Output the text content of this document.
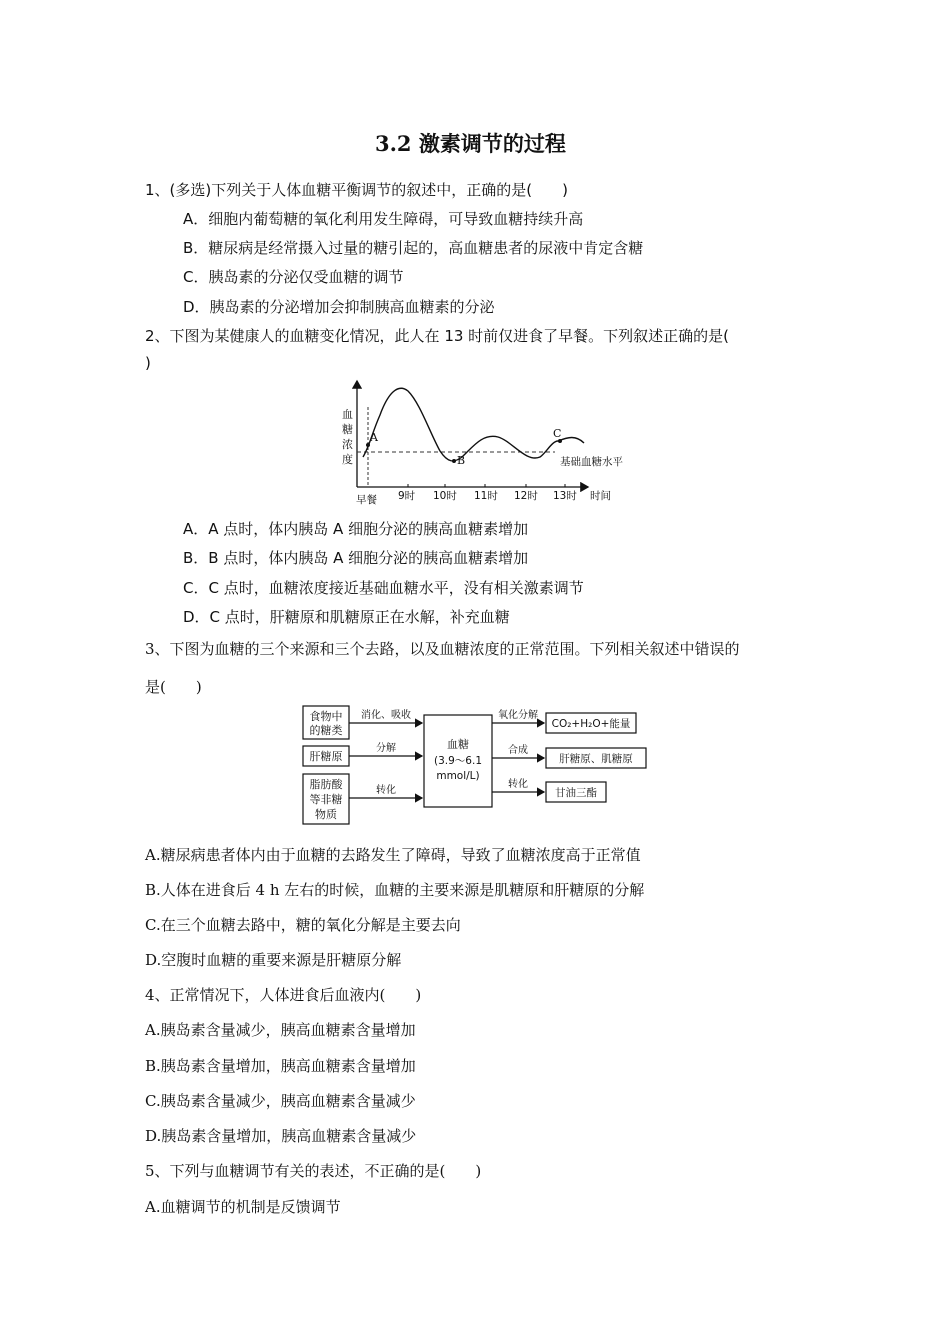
3.2 激素调节的过程
1、(多选)下列关于人体血糖平衡调节的叙述中，正确的是(　　)
A．细胞内葡萄糖的氧化利用发生障碍，可导致血糖持续升高
B．糖尿病是经常摄入过量的糖引起的，高血糖患者的尿液中肯定含糖
C．胰岛素的分泌仅受血糖的调节
D．胰岛素的分泌增加会抑制胰高血糖素的分泌
2、下图为某健康人的血糖变化情况，此人在 13 时前仅进食了早餐。下列叙述正确的是(
)
A
B
C
基础血糖水平
血
糖
浓
度
早餐 9时 10时 11时 12时 13时 时间
A．A 点时，体内胰岛 A 细胞分泌的胰高血糖素增加
B．B 点时，体内胰岛 A 细胞分泌的胰高血糖素增加
C．C 点时，血糖浓度接近基础血糖水平，没有相关激素调节
D．C 点时，肝糖原和肌糖原正在水解，补充血糖
3、下图为血糖的三个来源和三个去路，以及血糖浓度的正常范围。下列相关叙述中错误的
是(　　)
食物中
的糖类
肝糖原
脂肪酸
等非糖
物质
消化、吸收
分解
转化
血糖
(3.9～6.1
mmol/L)
氧化分解
合成
转化
CO₂+H₂O+能量
肝糖原、肌糖原
甘油三酯
A.糖尿病患者体内由于血糖的去路发生了障碍，导致了血糖浓度高于正常值
B.人体在进食后 4 h 左右的时候，血糖的主要来源是肌糖原和肝糖原的分解
C.在三个血糖去路中，糖的氧化分解是主要去向
D.空腹时血糖的重要来源是肝糖原分解
4、正常情况下，人体进食后血液内(　　)
A.胰岛素含量减少，胰高血糖素含量增加
B.胰岛素含量增加，胰高血糖素含量增加
C.胰岛素含量减少，胰高血糖素含量减少
D.胰岛素含量增加，胰高血糖素含量减少
5、下列与血糖调节有关的表述，不正确的是(　　)
A.血糖调节的机制是反馈调节
